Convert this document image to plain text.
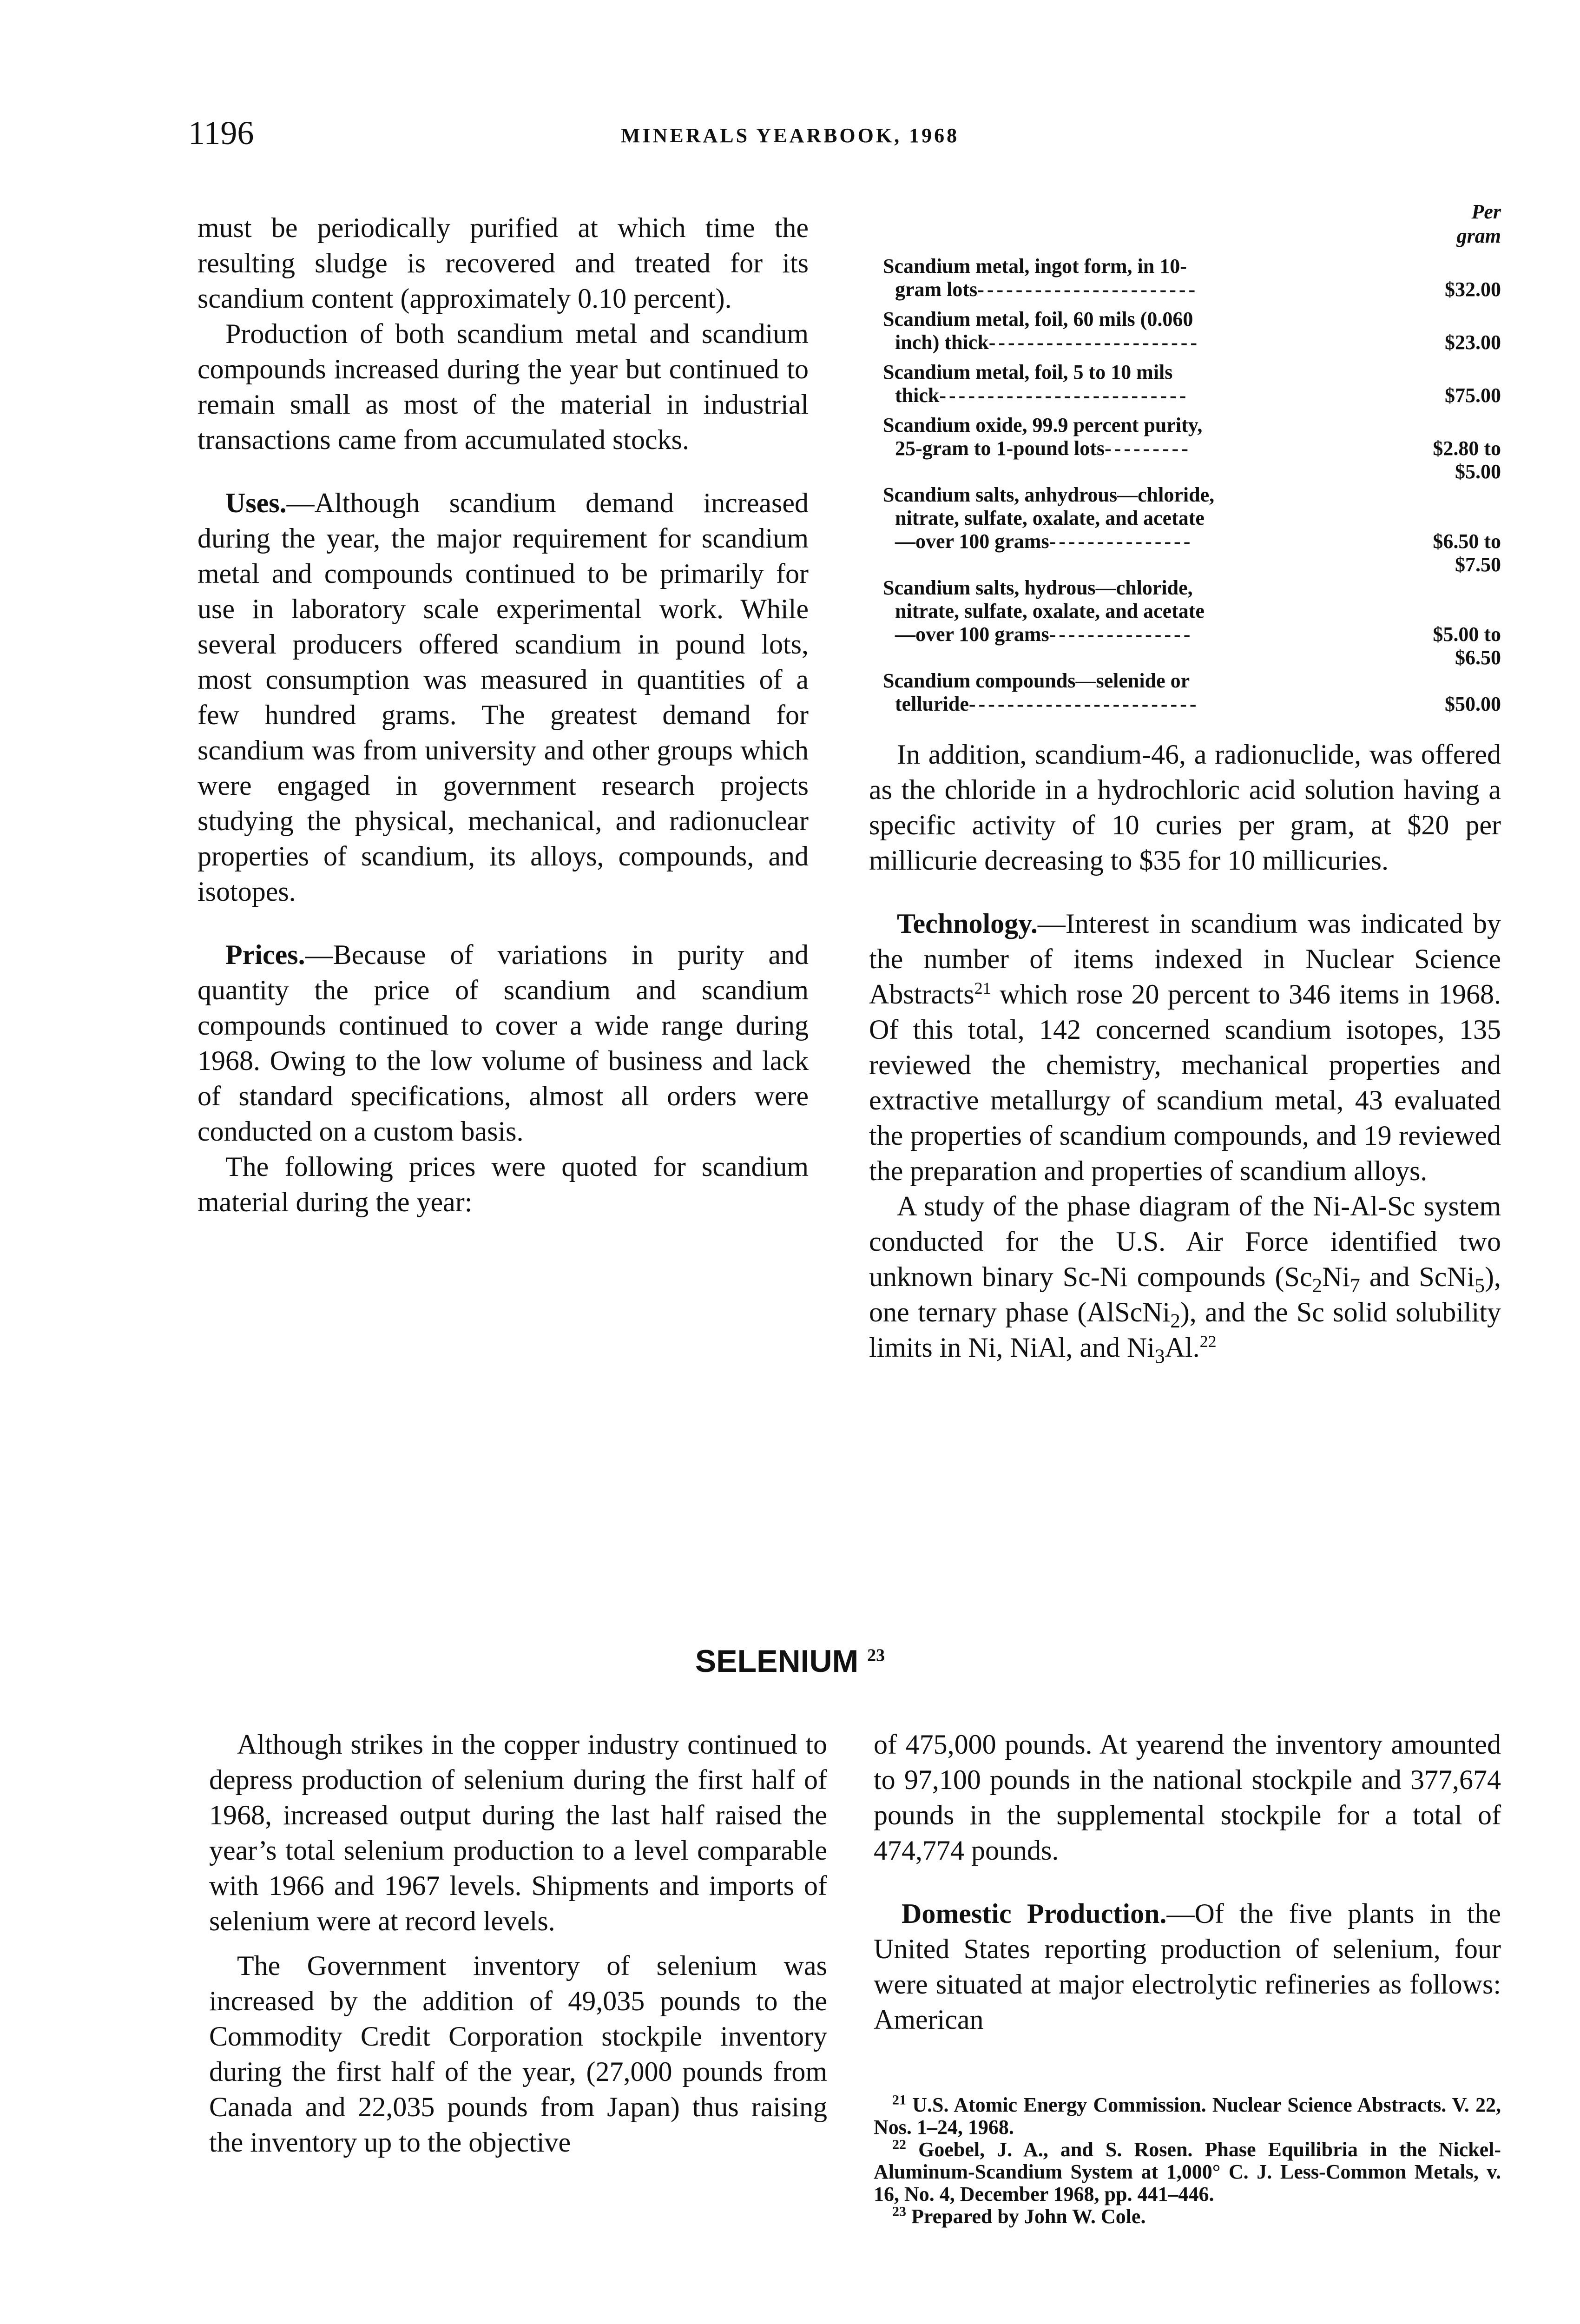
1196	MINERALS YEARBOOK, 1968

must be periodically purified at which time the resulting sludge is recovered and treated for its scandium content (approximately 0.10 percent).

Production of both scandium metal and scandium compounds increased during the year but continued to remain small as most of the material in industrial transactions came from accumulated stocks.

Uses.—Although scandium demand increased during the year, the major requirement for scandium metal and compounds continued to be primarily for use in laboratory scale experimental work. While several producers offered scandium in pound lots, most consumption was measured in quantities of a few hundred grams. The greatest demand for scandium was from university and other groups which were engaged in government research projects studying the physical, mechanical, and radionuclear properties of scandium, its alloys, compounds, and isotopes.

Prices.—Because of variations in purity and quantity the price of scandium and scandium compounds continued to cover a wide range during 1968. Owing to the low volume of business and lack of standard specifications, almost all orders were conducted on a custom basis.

The following prices were quoted for scandium material during the year:

Per
gram
Scandium metal, ingot form, in 10-
gram lots-----------------------	$32.00
Scandium metal, foil, 60 mils (0.060
inch) thick----------------------	$23.00
Scandium metal, foil, 5 to 10 mils
thick--------------------------	$75.00
Scandium oxide, 99.9 percent purity,
25-gram to 1-pound lots---------	$2.80 to
$5.00
Scandium salts, anhydrous—chloride,
nitrate, sulfate, oxalate, and acetate
—over 100 grams---------------	$6.50 to
$7.50
Scandium salts, hydrous—chloride,
nitrate, sulfate, oxalate, and acetate
—over 100 grams---------------	$5.00 to
$6.50
Scandium compounds—selenide or
telluride------------------------	$50.00

In addition, scandium-46, a radionuclide, was offered as the chloride in a hydrochloric acid solution having a specific activity of 10 curies per gram, at $20 per millicurie decreasing to $35 for 10 millicuries.

Technology.—Interest in scandium was indicated by the number of items indexed in Nuclear Science Abstracts$^{21}$ which rose 20 percent to 346 items in 1968. Of this total, 142 concerned scandium isotopes, 135 reviewed the chemistry, mechanical properties and extractive metallurgy of scandium metal, 43 evaluated the properties of scandium compounds, and 19 reviewed the preparation and properties of scandium alloys.

A study of the phase diagram of the Ni-Al-Sc system conducted for the U.S. Air Force identified two unknown binary Sc-Ni compounds ($Sc_2Ni_7$ and ScNi$_5$), one ternary phase (AlScNi$_2$), and the Sc solid solubility limits in Ni, NiAl, and $Ni_3Al.^{22}$

SELENIUM $^{23}$

Although strikes in the copper industry continued to depress production of selenium during the first half of 1968, increased output during the last half raised the year’s total selenium production to a level comparable with 1966 and 1967 levels. Shipments and imports of selenium were at record levels.

The Government inventory of selenium was increased by the addition of 49,035 pounds to the Commodity Credit Corporation stockpile inventory during the first half of the year, (27,000 pounds from Canada and 22,035 pounds from Japan) thus raising the inventory up to the objective

of 475,000 pounds. At yearend the inventory amounted to 97,100 pounds in the national stockpile and 377,674 pounds in the supplemental stockpile for a total of 474,774 pounds.

Domestic Production.—Of the five plants in the United States reporting production of selenium, four were situated at major electrolytic refineries as follows: American

$^{21}$ U.S. Atomic Energy Commission. Nuclear Science Abstracts. V. 22, Nos. 1–24, 1968.

$^{22}$ Goebel, J. A., and S. Rosen. Phase Equilibria in the Nickel-Aluminum-Scandium System at 1,000° C. J. Less-Common Metals, v. 16, No. 4, December 1968, pp. 441–446.

$^{23}$ Prepared by John W. Cole.
